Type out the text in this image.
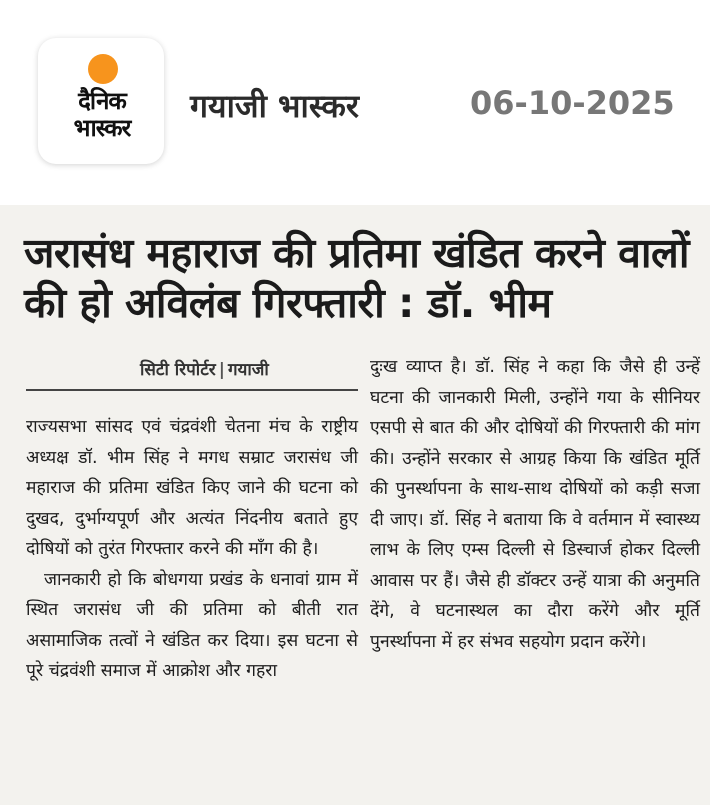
दैनिक
भास्कर
गयाजी भास्कर	06-10-2025
जरासंध महाराज की प्रतिमा खंडित करने वालों की हो अविलंब गिरफ्तारी : डॉ. भीम
सिटी रिपोर्टर | गयाजी

राज्यसभा सांसद एवं चंद्रवंशी चेतना मंच के राष्ट्रीय अध्यक्ष डॉ. भीम सिंह ने मगध सम्राट जरासंध जी महाराज की प्रतिमा खंडित किए जाने की घटना को दुखद, दुर्भाग्यपूर्ण और अत्यंत निंदनीय बताते हुए दोषियों को तुरंत गिरफ्तार करने की माँग की है।

जानकारी हो कि बोधगया प्रखंड के धनावां ग्राम में स्थित जरासंध जी की प्रतिमा को बीती रात असामाजिक तत्वों ने खंडित कर दिया। इस घटना से पूरे चंद्रवंशी समाज में आक्रोश और गहरा

दुःख व्याप्त है। डॉ. सिंह ने कहा कि जैसे ही उन्हें घटना की जानकारी मिली, उन्होंने गया के सीनियर एसपी से बात की और दोषियों की गिरफ्तारी की मांग की। उन्होंने सरकार से आग्रह किया कि खंडित मूर्ति की पुनर्स्थापना के साथ-साथ दोषियों को कड़ी सजा दी जाए। डॉ. सिंह ने बताया कि वे वर्तमान में स्वास्थ्य लाभ के लिए एम्स दिल्ली से डिस्चार्ज होकर दिल्ली आवास पर हैं। जैसे ही डॉक्टर उन्हें यात्रा की अनुमति देंगे, वे घटनास्थल का दौरा करेंगे और मूर्ति पुनर्स्थापना में हर संभव सहयोग प्रदान करेंगे।
